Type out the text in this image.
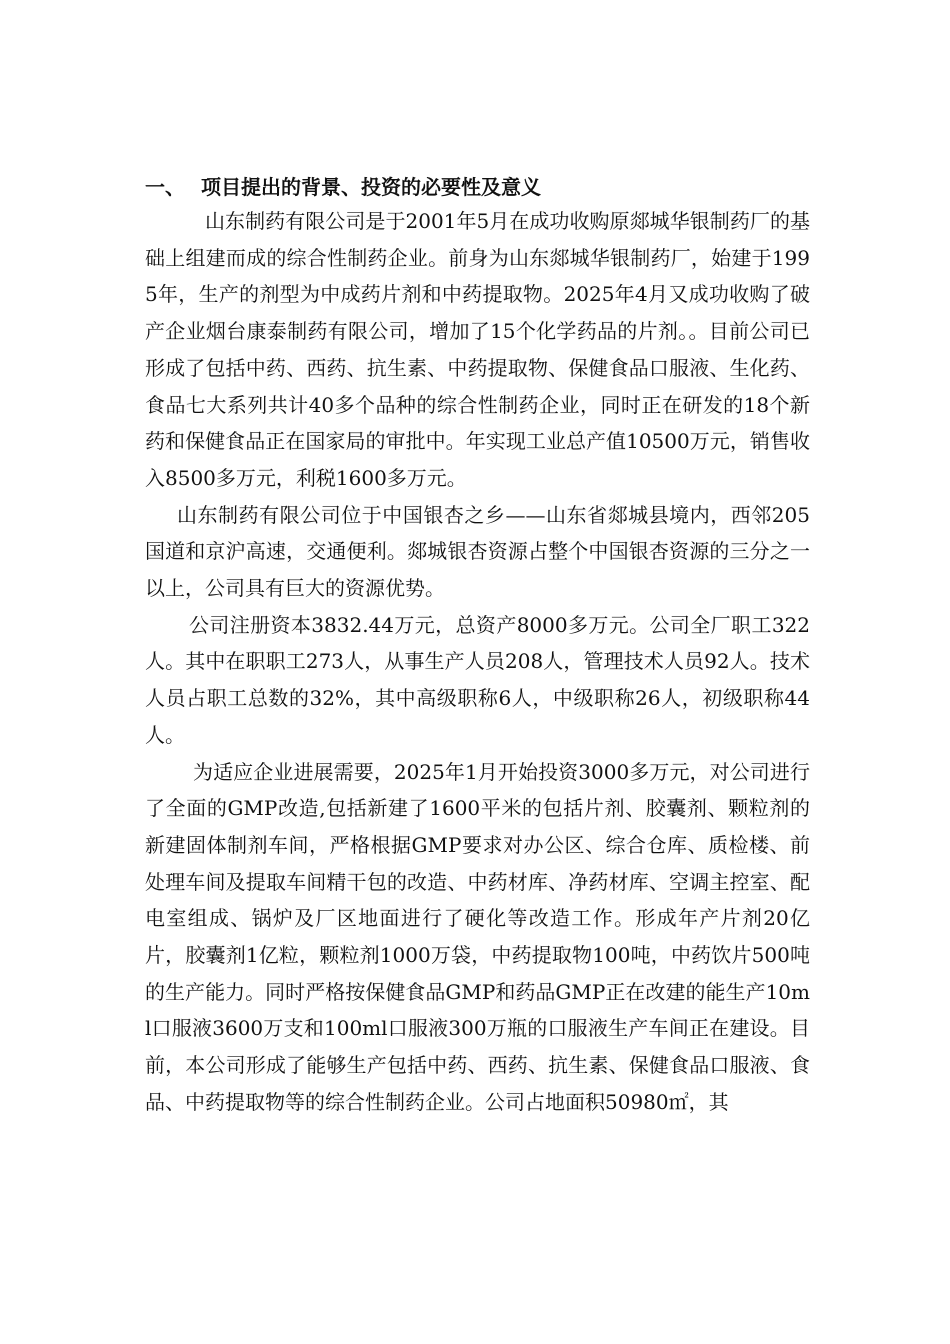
一、 项目提出的背景、投资的必要性及意义

山东制药有限公司是于2001年5月在成功收购原郯城华银制药厂的基础上组建而成的综合性制药企业。前身为山东郯城华银制药厂，始建于1995年，生产的剂型为中成药片剂和中药提取物。2025年4月又成功收购了破产企业烟台康泰制药有限公司，增加了15个化学药品的片剂。。目前公司已形成了包括中药、西药、抗生素、中药提取物、保健食品口服液、生化药、食品七大系列共计40多个品种的综合性制药企业，同时正在研发的18个新药和保健食品正在国家局的审批中。年实现工业总产值10500万元，销售收入8500多万元，利税1600多万元。

山东制药有限公司位于中国银杏之乡——山东省郯城县境内，西邻205国道和京沪高速，交通便利。郯城银杏资源占整个中国银杏资源的三分之一以上，公司具有巨大的资源优势。

公司注册资本3832.44万元，总资产8000多万元。公司全厂职工322人。其中在职职工273人，从事生产人员208人，管理技术人员92人。技术人员占职工总数的32%，其中高级职称6人，中级职称26人，初级职称44人。

为适应企业进展需要，2025年1月开始投资3000多万元，对公司进行了全面的GMP改造,包括新建了1600平米的包括片剂、胶囊剂、颗粒剂的新建固体制剂车间，严格根据GMP要求对办公区、综合仓库、质检楼、前处理车间及提取车间精干包的改造、中药材库、净药材库、空调主控室、配电室组成、锅炉及厂区地面进行了硬化等改造工作。形成年产片剂20亿片，胶囊剂1亿粒，颗粒剂1000万袋，中药提取物100吨，中药饮片500吨的生产能力。同时严格按保健食品GMP和药品GMP正在改建的能生产10ml口服液3600万支和100ml口服液300万瓶的口服液生产车间正在建设。目前，本公司形成了能够生产包括中药、西药、抗生素、保健食品口服液、食品、中药提取物等的综合性制药企业。公司占地面积50980㎡，其
